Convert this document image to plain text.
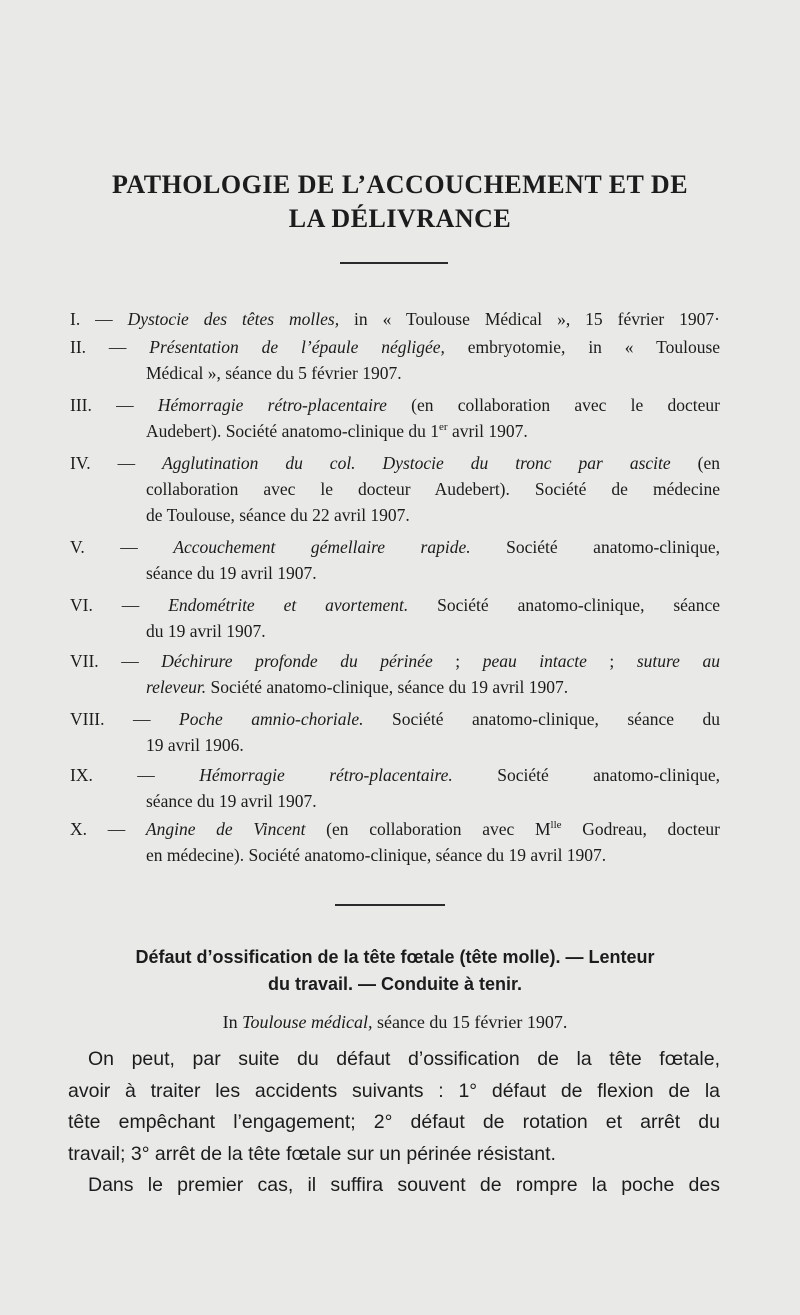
PATHOLOGIE DE L’ACCOUCHEMENT ET DE
LA DÉLIVRANCE
I. — Dystocie des têtes molles, in « Toulouse Médical », 15 février 1907·
II. — Présentation de l’épaule négligée, embryotomie, in « Toulouse
Médical », séance du 5 février 1907.
III. — Hémorragie rétro-placentaire (en collaboration avec le docteur
Audebert). Société anatomo-clinique du 1er avril 1907.
IV. — Agglutination du col. Dystocie du tronc par ascite (en
collaboration avec le docteur Audebert). Société de médecine
de Toulouse, séance du 22 avril 1907.
V. — Accouchement gémellaire rapide. Société anatomo-clinique,
séance du 19 avril 1907.
VI. — Endométrite et avortement. Société anatomo-clinique, séance
du 19 avril 1907.
VII. — Déchirure profonde du périnée ; peau intacte ; suture au
releveur. Société anatomo-clinique, séance du 19 avril 1907.
VIII. — Poche amnio-choriale. Société anatomo-clinique, séance du
19 avril 1906.
IX. — Hémorragie rétro-placentaire. Société anatomo-clinique,
séance du 19 avril 1907.
X. — Angine de Vincent (en collaboration avec $M^{lle}$ Godreau, docteur
en médecine). Société anatomo-clinique, séance du 19 avril 1907.
Défaut d’ossification de la tête fœtale (tête molle). — Lenteur
du travail. — Conduite à tenir.
In Toulouse médical, séance du 15 février 1907.
On peut, par suite du défaut d’ossification de la tête fœtale,
avoir à traiter les accidents suivants : 1° défaut de flexion de la
tête empêchant l’engagement; 2° défaut de rotation et arrêt du
travail; 3° arrêt de la tête fœtale sur un périnée résistant.
Dans le premier cas, il suffira souvent de rompre la poche des
